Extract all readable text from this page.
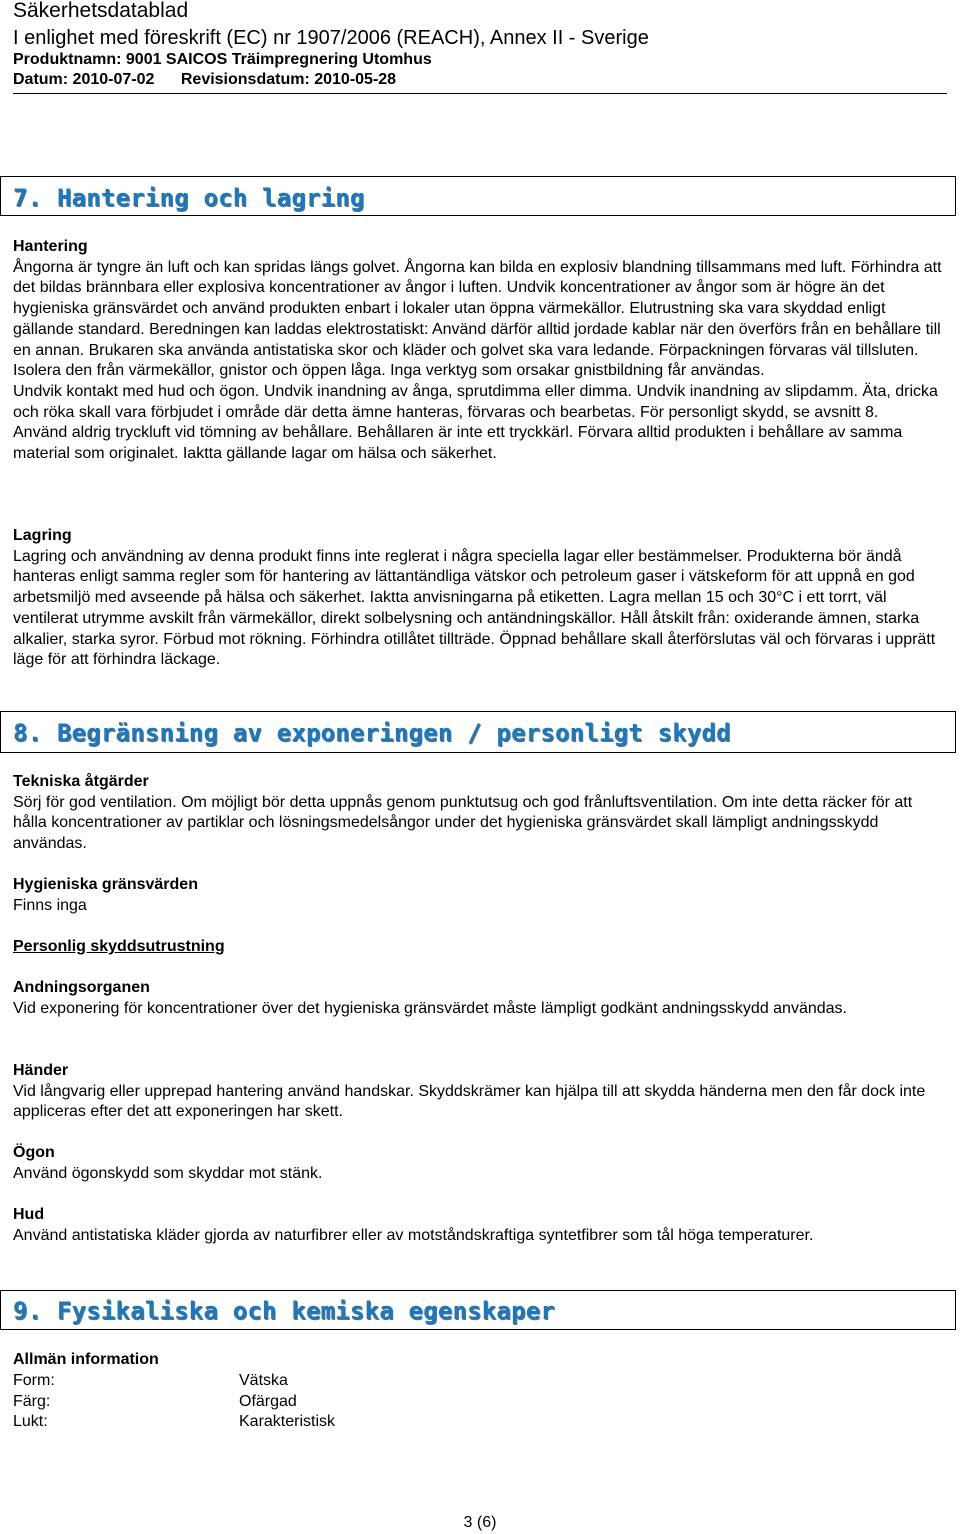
Säkerhetsdatablad
I enlighet med föreskrift (EC) nr 1907/2006 (REACH), Annex II - Sverige
Produktnamn: 9001 SAICOS Träimpregnering Utomhus
Datum: 2010-07-02 Revisionsdatum: 2010-05-28
7. Hantering och lagring

Hantering

Ångorna är tyngre än luft och kan spridas längs golvet. Ångorna kan bilda en explosiv blandning tillsammans med luft. Förhindra att det bildas brännbara eller explosiva koncentrationer av ångor i luften. Undvik koncentrationer av ångor som är högre än det hygieniska gränsvärdet och använd produkten enbart i lokaler utan öppna värmekällor. Elutrustning ska vara skyddad enligt gällande standard. Beredningen kan laddas elektrostatiskt: Använd därför alltid jordade kablar när den överförs från en behållare till en annan. Brukaren ska använda antistatiska skor och kläder och golvet ska vara ledande. Förpackningen förvaras väl tillsluten. Isolera den från värmekällor, gnistor och öppen låga. Inga verktyg som orsakar gnistbildning får användas.

Undvik kontakt med hud och ögon. Undvik inandning av ånga, sprutdimma eller dimma. Undvik inandning av slipdamm. Äta, dricka och röka skall vara förbjudet i område där detta ämne hanteras, förvaras och bearbetas. För personligt skydd, se avsnitt 8.

Använd aldrig tryckluft vid tömning av behållare. Behållaren är inte ett tryckkärl. Förvara alltid produkten i behållare av samma material som originalet. Iaktta gällande lagar om hälsa och säkerhet.

Lagring

Lagring och användning av denna produkt finns inte reglerat i några speciella lagar eller bestämmelser. Produkterna bör ändå hanteras enligt samma regler som för hantering av lättantändliga vätskor och petroleum gaser i vätskeform för att uppnå en god arbetsmiljö med avseende på hälsa och säkerhet. Iaktta anvisningarna på etiketten. Lagra mellan 15 och 30°C i ett torrt, väl ventilerat utrymme avskilt från värmekällor, direkt solbelysning och antändningskällor. Håll åtskilt från: oxiderande ämnen, starka alkalier, starka syror. Förbud mot rökning. Förhindra otillåtet tillträde. Öppnad behållare skall återförslutas väl och förvaras i upprätt läge för att förhindra läckage.

8. Begränsning av exponeringen / personligt skydd

Tekniska åtgärder

Sörj för god ventilation. Om möjligt bör detta uppnås genom punktutsug och god frånluftsventilation. Om inte detta räcker för att hålla koncentrationer av partiklar och lösningsmedelsångor under det hygieniska gränsvärdet skall lämpligt andningsskydd användas.

Hygieniska gränsvärden

Finns inga

Personlig skyddsutrustning

Andningsorganen

Vid exponering för koncentrationer över det hygieniska gränsvärdet måste lämpligt godkänt andningsskydd användas.

Händer

Vid långvarig eller upprepad hantering använd handskar. Skyddskrämer kan hjälpa till att skydda händerna men den får dock inte appliceras efter det att exponeringen har skett.

Ögon

Använd ögonskydd som skyddar mot stänk.

Hud

Använd antistatiska kläder gjorda av naturfibrer eller av motståndskraftiga syntetfibrer som tål höga temperaturer.

9. Fysikaliska och kemiska egenskaper

Allmän information

Form:	Vätska
Färg:	Ofärgad
Lukt:	Karakteristisk
3 (6)
